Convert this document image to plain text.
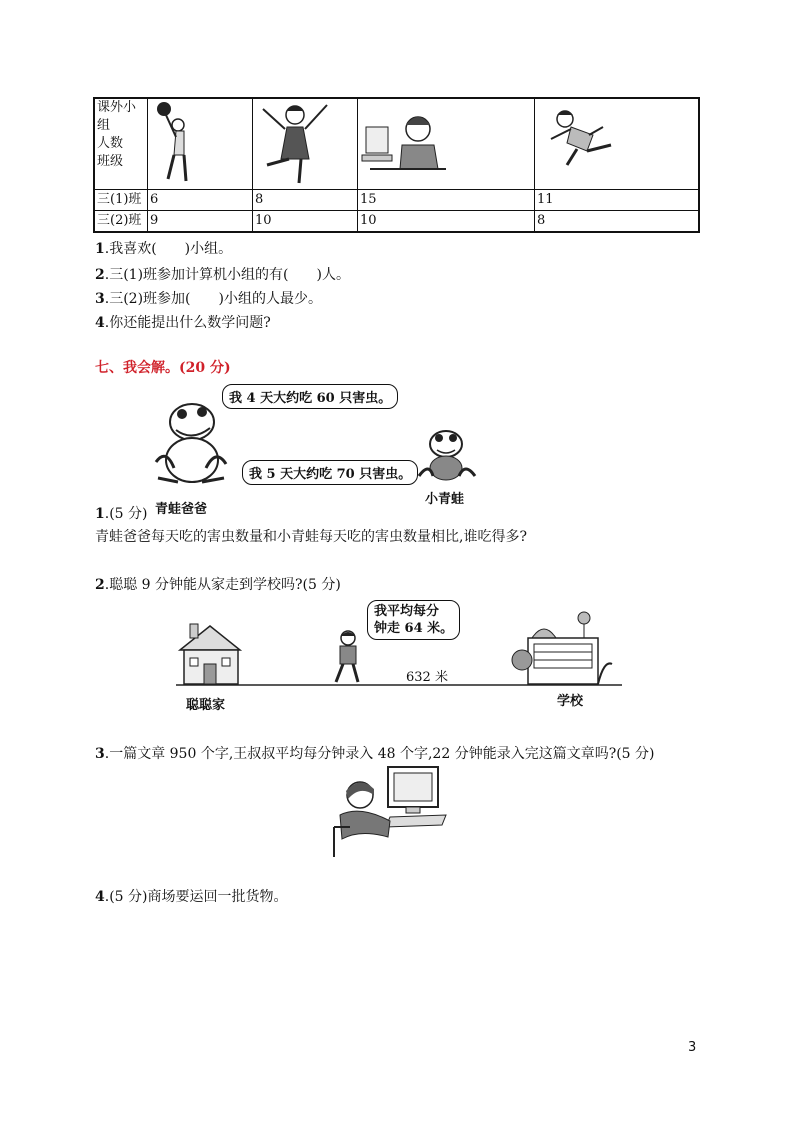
课外小
组
人数
班级

三(1)班	6	8	15	11
三(2)班	9	10	10	8
1.我喜欢(　　)小组。
2.三(1)班参加计算机小组的有(　　)人。
3.三(2)班参加(　　)小组的人最少。
4.你还能提出什么数学问题?
七、我会解。(20 分)
我 4 天大约吃 60 只害虫。
我 5 天大约吃 70 只害虫。
青蛙爸爸
小青蛙
1.(5 分)
青蛙爸爸每天吃的害虫数量和小青蛙每天吃的害虫数量相比,谁吃得多?
2.聪聪 9 分钟能从家走到学校吗?(5 分)
我平均每分
钟走 64 米。
632 米
聪聪家	学校
3.一篇文章 950 个字,王叔叔平均每分钟录入 48 个字,22 分钟能录入完这篇文章吗?(5 分)
4.(5 分)商场要运回一批货物。
3
